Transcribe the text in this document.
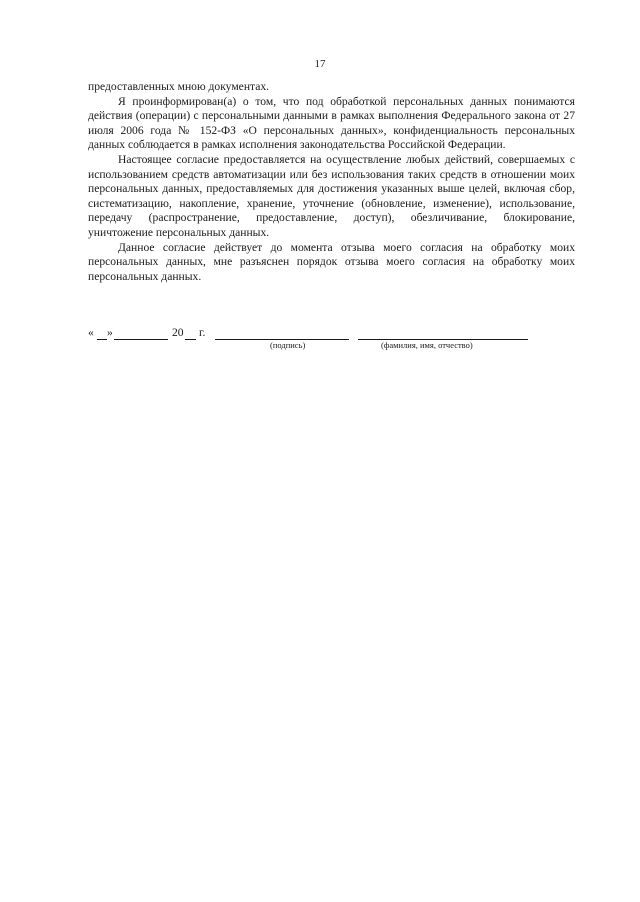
17

предоставленных мною документах.

Я проинформирован(а) о том, что под обработкой персональных данных понимаются действия (операции) с персональными данными в рамках выполнения Федерального закона от 27 июля 2006 года № 152-ФЗ «О персональных данных», конфиденциальность персональных данных соблюдается в рамках исполнения законодательства Российской Федерации.

Настоящее согласие предоставляется на осуществление любых действий, совершаемых с использованием средств автоматизации или без использования таких средств в отношении моих персональных данных, предоставляемых для достижения указанных выше целей, включая сбор, систематизацию, накопление, хранение, уточнение (обновление, изменение), использование, передачу (распространение, предоставление, доступ), обезличивание, блокирование, уничтожение персональных данных.

Данное согласие действует до момента отзыва моего согласия на обработку моих персональных данных, мне разъяснен порядок отзыва моего согласия на обработку моих персональных данных.

« »	20 г.
(подпись)	(фамилия, имя, отчество)
